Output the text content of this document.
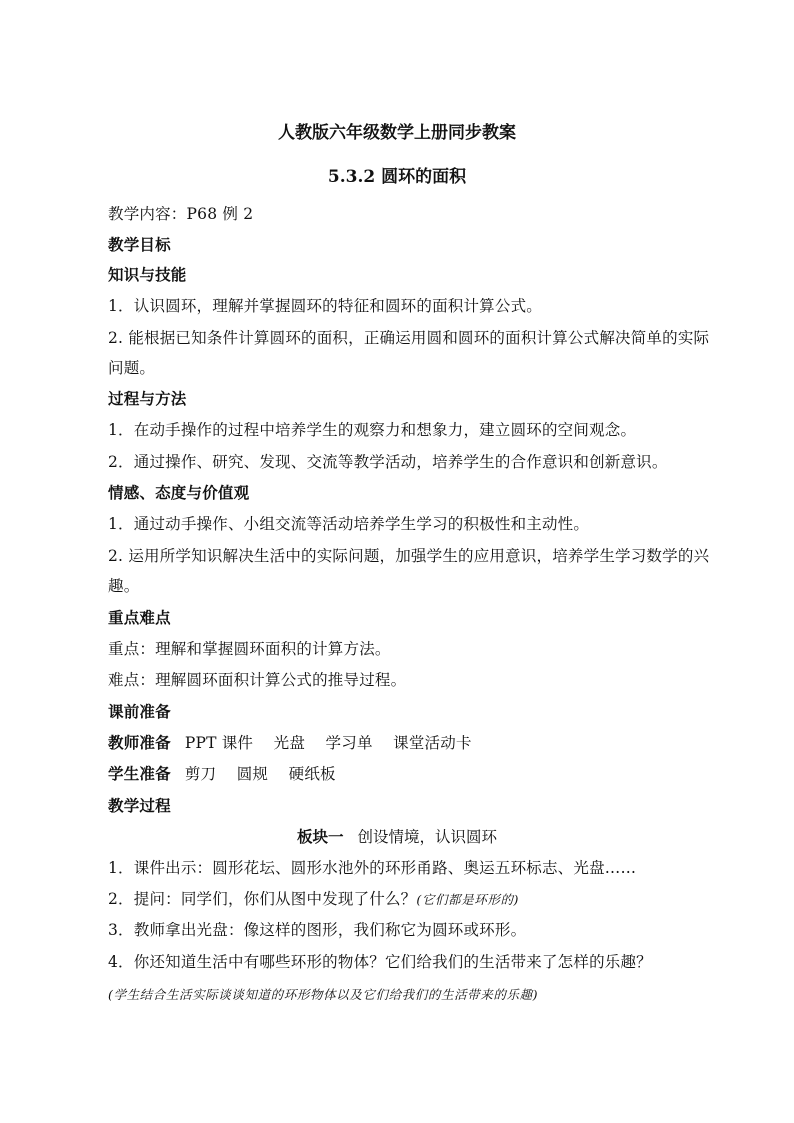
人教版六年级数学上册同步教案
5.3.2 圆环的面积
教学内容：P68 例 2
教学目标
知识与技能
1．认识圆环，理解并掌握圆环的特征和圆环的面积计算公式。
2. 能根据已知条件计算圆环的面积，正确运用圆和圆环的面积计算公式解决简单的实际
问题。
过程与方法
1．在动手操作的过程中培养学生的观察力和想象力，建立圆环的空间观念。
2．通过操作、研究、发现、交流等教学活动，培养学生的合作意识和创新意识。
情感、态度与价值观
1．通过动手操作、小组交流等活动培养学生学习的积极性和主动性。
2. 运用所学知识解决生活中的实际问题，加强学生的应用意识，培养学生学习数学的兴
趣。
重点难点
重点：理解和掌握圆环面积的计算方法。
难点：理解圆环面积计算公式的推导过程。
课前准备
教师准备 PPT 课件    光盘    学习单    课堂活动卡
学生准备 剪刀    圆规    硬纸板
教学过程
板块一 创设情境，认识圆环
1．课件出示：圆形花坛、圆形水池外的环形甬路、奥运五环标志、光盘……
2．提问：同学们，你们从图中发现了什么？(它们都是环形的)
3．教师拿出光盘：像这样的图形，我们称它为圆环或环形。
4．你还知道生活中有哪些环形的物体？它们给我们的生活带来了怎样的乐趣？
(学生结合生活实际谈谈知道的环形物体以及它们给我们的生活带来的乐趣)
